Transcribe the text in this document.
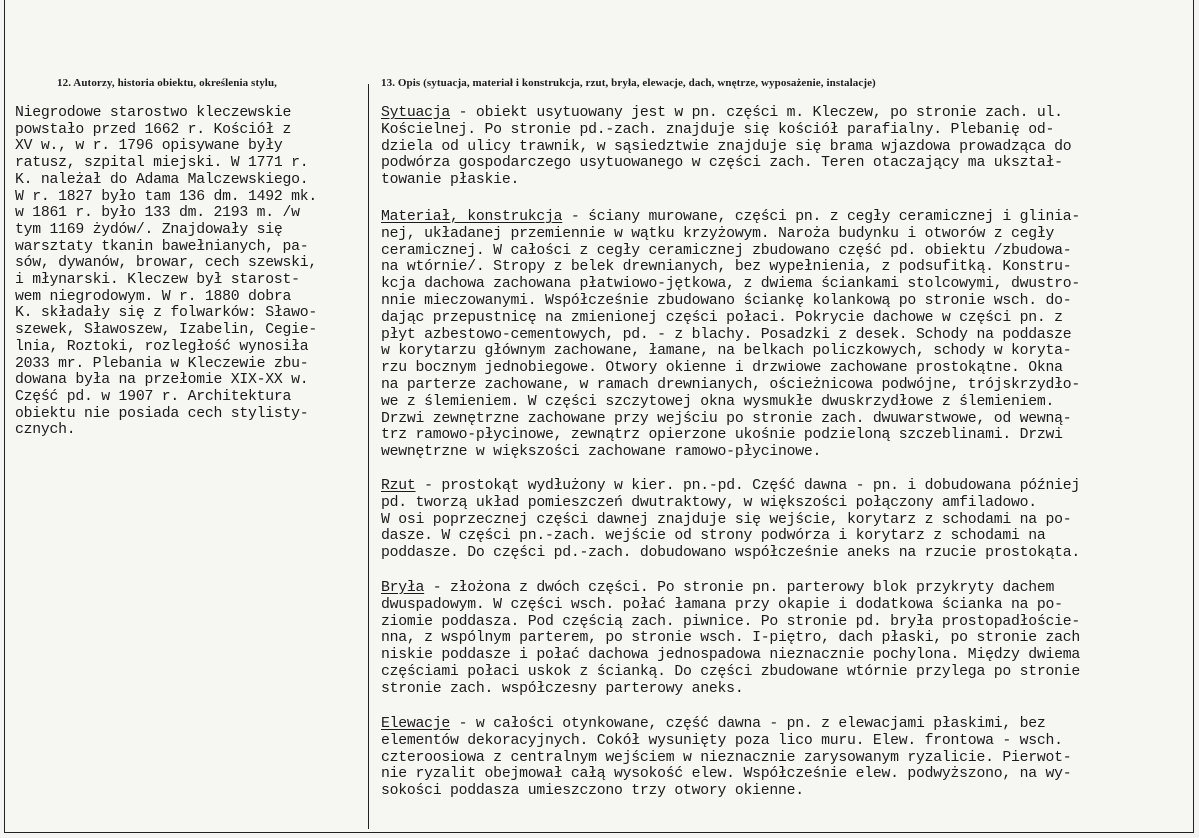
12. Autorzy, historia obiektu, określenia stylu,	13. Opis (sytuacja, materiał i konstrukcja, rzut, bryła, elewacje, dach, wnętrze, wyposażenie, instalacje)
Niegrodowe starostwo kleczewskie
powstało przed 1662 r. Kościół z
XV w., w r. 1796 opisywane były
ratusz, szpital miejski. W 1771 r.
K. należał do Adama Malczewskiego.
W r. 1827 było tam 136 dm. 1492 mk.
w 1861 r. było 133 dm. 2193 m. /w
tym 1169 żydów/. Znajdowały się
warsztaty tkanin bawełnianych, pa-
sów, dywanów, browar, cech szewski,
i młynarski. Kleczew był starost-
wem niegrodowym. W r. 1880 dobra
K. składały się z folwarków: Sławo-
szewek, Sławoszew, Izabelin, Cegie-
lnia, Roztoki, rozległość wynosiła
2033 mr. Plebania w Kleczewie zbu-
dowana była na przełomie XIX-XX w.
Część pd. w 1907 r. Architektura
obiektu nie posiada cech stylisty-
cznych.
Sytuacja - obiekt usytuowany jest w pn. części m. Kleczew, po stronie zach. ul.
Kościelnej. Po stronie pd.-zach. znajduje się kościół parafialny. Plebanię od-
dziela od ulicy trawnik, w sąsiedztwie znajduje się brama wjazdowa prowadząca do
podwórza gospodarczego usytuowanego w części zach. Teren otaczający ma ukształ-
towanie płaskie.
Materiał, konstrukcja - ściany murowane, części pn. z cegły ceramicznej i glinia-
nej, układanej przemiennie w wątku krzyżowym. Naroża budynku i otworów z cegły
ceramicznej. W całości z cegły ceramicznej zbudowano część pd. obiektu /zbudowa-
na wtórnie/. Stropy z belek drewnianych, bez wypełnienia, z podsufitką. Konstru-
kcja dachowa zachowana płatwiowo-jętkowa, z dwiema ściankami stolcowymi, dwustro-
nnie mieczowanymi. Współcześnie zbudowano ściankę kolankową po stronie wsch. do-
dając przepustnicę na zmienionej części połaci. Pokrycie dachowe w części pn. z
płyt azbestowo-cementowych, pd. - z blachy. Posadzki z desek. Schody na poddasze
w korytarzu głównym zachowane, łamane, na belkach policzkowych, schody w koryta-
rzu bocznym jednobiegowe. Otwory okienne i drzwiowe zachowane prostokątne. Okna
na parterze zachowane, w ramach drewnianych, ościeżnicowa podwójne, trójskrzydło-
we z ślemieniem. W części szczytowej okna wysmukłe dwuskrzydłowe z ślemieniem.
Drzwi zewnętrzne zachowane przy wejściu po stronie zach. dwuwarstwowe, od wewną-
trz ramowo-płycinowe, zewnątrz opierzone ukośnie podzieloną szczeblinami. Drzwi
wewnętrzne w większości zachowane ramowo-płycinowe.
Rzut - prostokąt wydłużony w kier. pn.-pd. Część dawna - pn. i dobudowana później
pd. tworzą układ pomieszczeń dwutraktowy, w większości połączony amfiladowo.
W osi poprzecznej części dawnej znajduje się wejście, korytarz z schodami na po-
dasze. W części pn.-zach. wejście od strony podwórza i korytarz z schodami na
poddasze. Do części pd.-zach. dobudowano współcześnie aneks na rzucie prostokąta.
Bryła - złożona z dwóch części. Po stronie pn. parterowy blok przykryty dachem
dwuspadowym. W części wsch. połać łamana przy okapie i dodatkowa ścianka na po-
ziomie poddasza. Pod częścią zach. piwnice. Po stronie pd. bryła prostopadłoście-
nna, z wspólnym parterem, po stronie wsch. I-piętro, dach płaski, po stronie zach
niskie poddasze i połać dachowa jednospadowa nieznacznie pochylona. Między dwiema
częściami połaci uskok z ścianką. Do części zbudowane wtórnie przylega po stronie
stronie zach. współczesny parterowy aneks.
Elewacje - w całości otynkowane, część dawna - pn. z elewacjami płaskimi, bez
elementów dekoracyjnych. Cokół wysunięty poza lico muru. Elew. frontowa - wsch.
czteroosiowa z centralnym wejściem w nieznacznie zarysowanym ryzalicie. Pierwot-
nie ryzalit obejmował całą wysokość elew. Współcześnie elew. podwyższono, na wy-
sokości poddasza umieszczono trzy otwory okienne.
